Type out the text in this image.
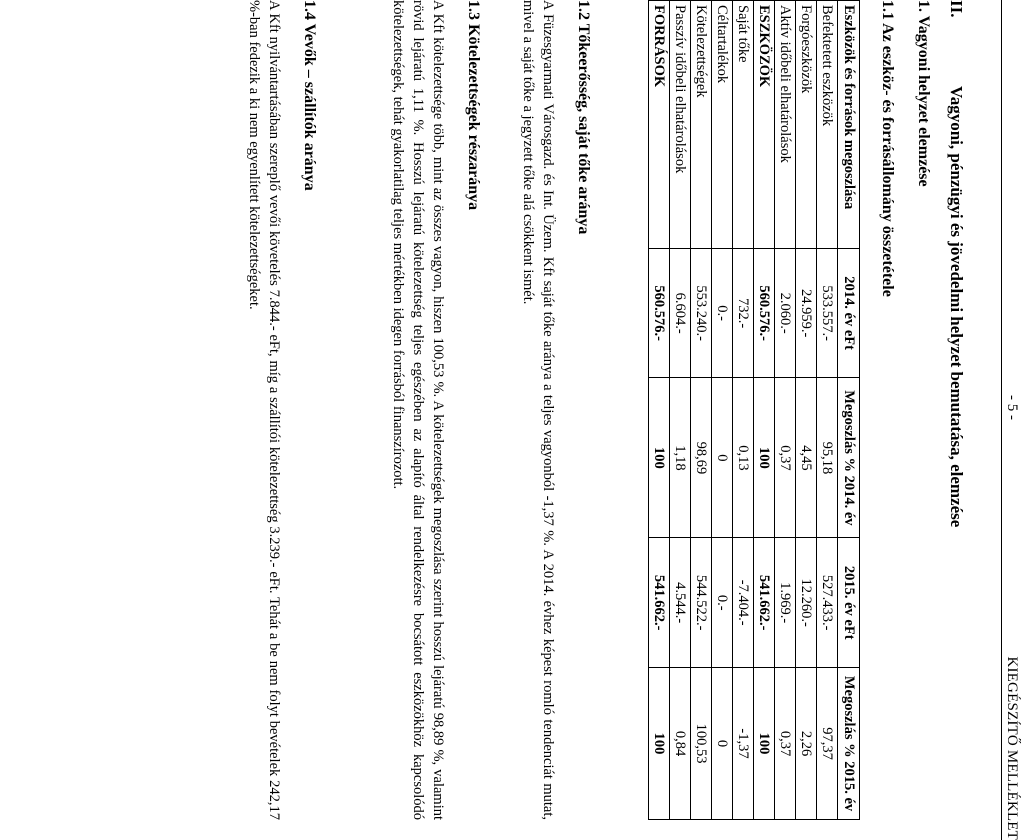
- 5 -
KIEGÉSZÍTŐ MELLÉKLET
II.
Vagyoni, pénzügyi és jövedelmi helyzet bemutatása, elemzése
1. Vagyoni helyzet elemzése
1.1 Az eszköz- és forrásállomány összetétele
Eszközök és források megoszlása	2014. év eFt	Megoszlás % 2014. év	2015. év eFt	Megoszlás % 2015. év
Befektetett eszközök	533.557.-	95,18	527.433.-	97,37
Forgóeszközök	24.959.-	4,45	12.260.-	2,26
Aktív időbeli elhatárolások	2.060.-	0,37	1.969.-	0,37
ESZKÖZÖK	560.576.-	100	541.662.-	100
Saját tőke	732.-	0,13	-7.404.-	-1,37
Céltartalékok	0.-	0	0.-	0
Kötelezettségek	553.240.-	98,69	544.522.-	100,53
Passzív időbeli elhatárolások	6.604.-	1,18	4.544.-	0,84
FORRÁSOK	560.576.-	100	541.662.-	100
1.2 Tőkeerősség, saját tőke aránya
A Füzesgyarmati Városgazd. és Int. Üzem. Kft saját tőke aránya a teljes vagyonból -1,37 %. A 2014. évhez képest romló tendenciát mutat, mivel a saját tőke a jegyzett tőke alá csökkent ismét.
1.3 Kötelezettségek részaránya
A Kft kötelezettsége több, mint az összes vagyon, hiszen 100,53 %. A kötelezettségek megoszlása szerint hosszú lejáratú 98,89 %, valamint rövid lejáratú 1,11 %. Hosszú lejáratú kötelezettség teljes egészében az alapító által rendelkezésre bocsátott eszközökhöz kapcsolódó kötelezettségek, tehát gyakorlatilag teljes mértékben idegen forrásból finanszírozott.
1.4 Vevők – szállítók aránya
A Kft nyilvántartásában szereplő vevői követelés 7.844.- eFt, míg a szállítói kötelezettség 3.239.- eFt. Tehát a be nem folyt bevételek 242,17 %-ban fedezik a ki nem egyenlített kötelezettségeket.
